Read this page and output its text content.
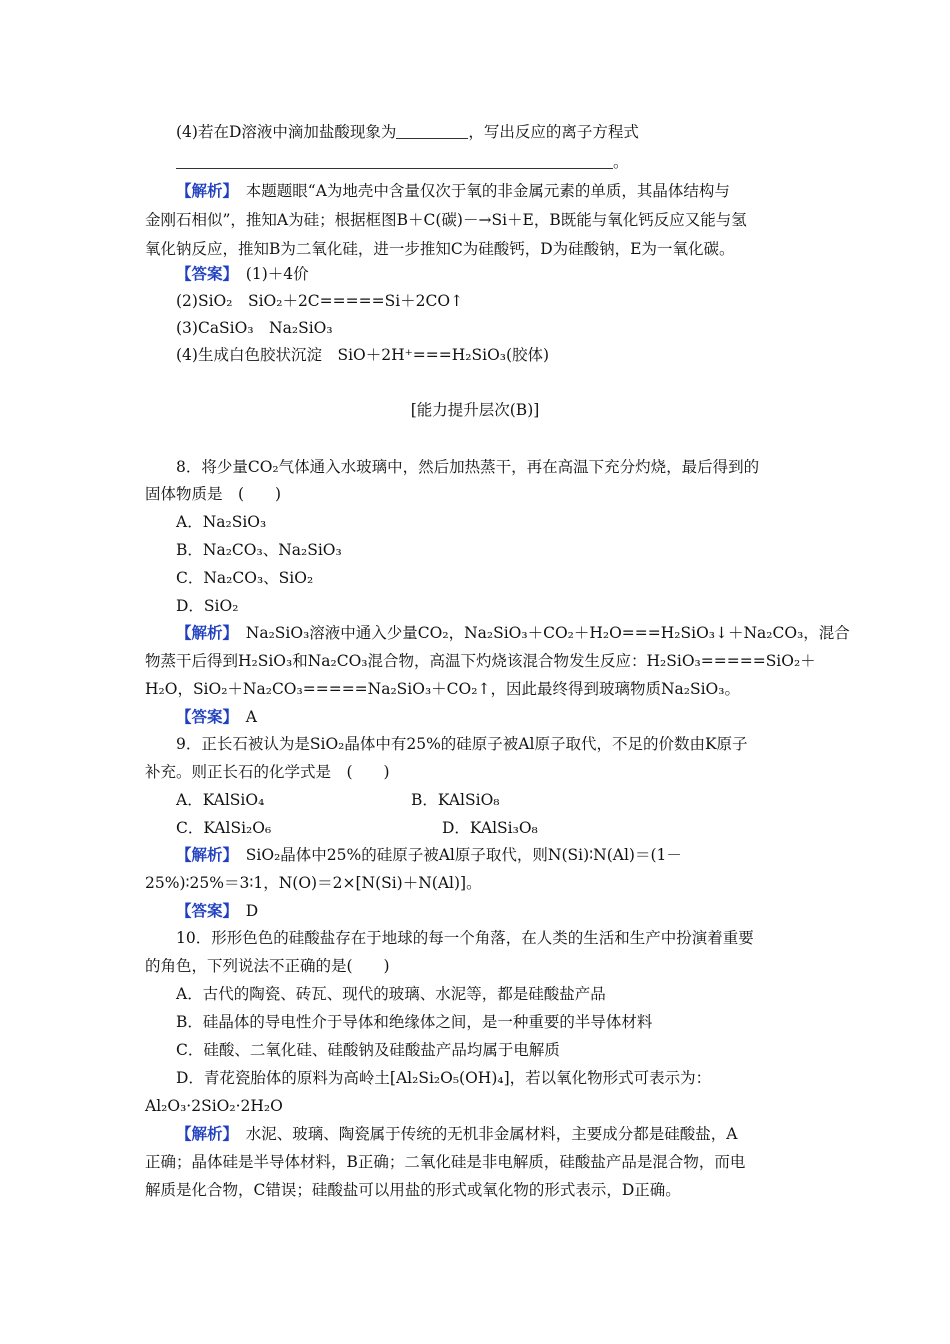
(4)若在D溶液中滴加盐酸现象为	，写出反应的离子方程式
。
【解析】　 本题题眼“A为地壳中含量仅次于氧的非金属元素的单质，其晶体结构与
金刚石相似”，推知A为硅；根据框图B＋C(碳)－→Si＋E，B既能与氧化钙反应又能与氢
氧化钠反应，推知B为二氧化硅，进一步推知C为硅酸钙，D为硅酸钠，E为一氧化碳。
【答案】　 (1)＋4价
(2)SiO₂　SiO₂＋2C=====Si＋2CO↑
(3)CaSiO₃　Na₂SiO₃
(4)生成白色胶状沉淀　SiO＋2H⁺===H₂SiO₃(胶体)
[能力提升层次(B)]
8．将少量CO₂气体通入水玻璃中，然后加热蒸干，再在高温下充分灼烧，最后得到的
固体物质是　(　　)
A．Na₂SiO₃
B．Na₂CO₃、Na₂SiO₃
C．Na₂CO₃、SiO₂
D．SiO₂
【解析】　 Na₂SiO₃溶液中通入少量CO₂，Na₂SiO₃＋CO₂＋H₂O===H₂SiO₃↓＋Na₂CO₃，混合
物蒸干后得到H₂SiO₃和Na₂CO₃混合物，高温下灼烧该混合物发生反应：H₂SiO₃=====SiO₂＋
H₂O，SiO₂＋Na₂CO₃=====Na₂SiO₃＋CO₂↑，因此最终得到玻璃物质Na₂SiO₃。
【答案】　 A
9．正长石被认为是SiO₂晶体中有25%的硅原子被Al原子取代，不足的价数由K原子
补充。则正长石的化学式是　(　　)
A．KAlSiO₄	B．KAlSiO₈
C．KAlSi₂O₆	D．KAlSi₃O₈
【解析】　 SiO₂晶体中25%的硅原子被Al原子取代，则N(Si)∶N(Al)＝(1－
25%)∶25%＝3∶1，N(O)＝2×[N(Si)＋N(Al)]。
【答案】　 D
10．形形色色的硅酸盐存在于地球的每一个角落，在人类的生活和生产中扮演着重要
的角色，下列说法不正确的是(　　)
A．古代的陶瓷、砖瓦、现代的玻璃、水泥等，都是硅酸盐产品
B．硅晶体的导电性介于导体和绝缘体之间，是一种重要的半导体材料
C．硅酸、二氧化硅、硅酸钠及硅酸盐产品均属于电解质
D．青花瓷胎体的原料为高岭土[Al₂Si₂O₅(OH)₄]，若以氧化物形式可表示为：
Al₂O₃·2SiO₂·2H₂O
【解析】　 水泥、玻璃、陶瓷属于传统的无机非金属材料，主要成分都是硅酸盐，A
正确；晶体硅是半导体材料，B正确；二氧化硅是非电解质，硅酸盐产品是混合物，而电
解质是化合物，C错误；硅酸盐可以用盐的形式或氧化物的形式表示，D正确。
